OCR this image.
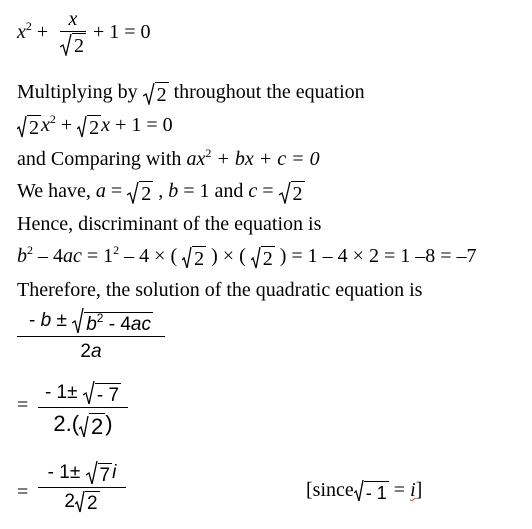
$x^2$ +
x
2
+ 1 = 0
Multiplying by 2 throughout the equation
2 $x^2 + 2$ x + 1 = 0
and Comparing with $ax^2$ + bx + c = 0
We have, a = 2 , b = 1 and c = 2
Hence, discriminant of the equation is
$b^2 - 4ac = 1^2 - 4$ × ( 2 ) × ( 2 ) = 1 – 4 × 2 = 1 –8 = –7
Therefore, the solution of the quadratic equation is
- $b \pm b^2 - 4ac$
2a
=
- 1± - 7
2.( 2 )
=
- 1± 7 i
2 2
[since - 1 = i]
